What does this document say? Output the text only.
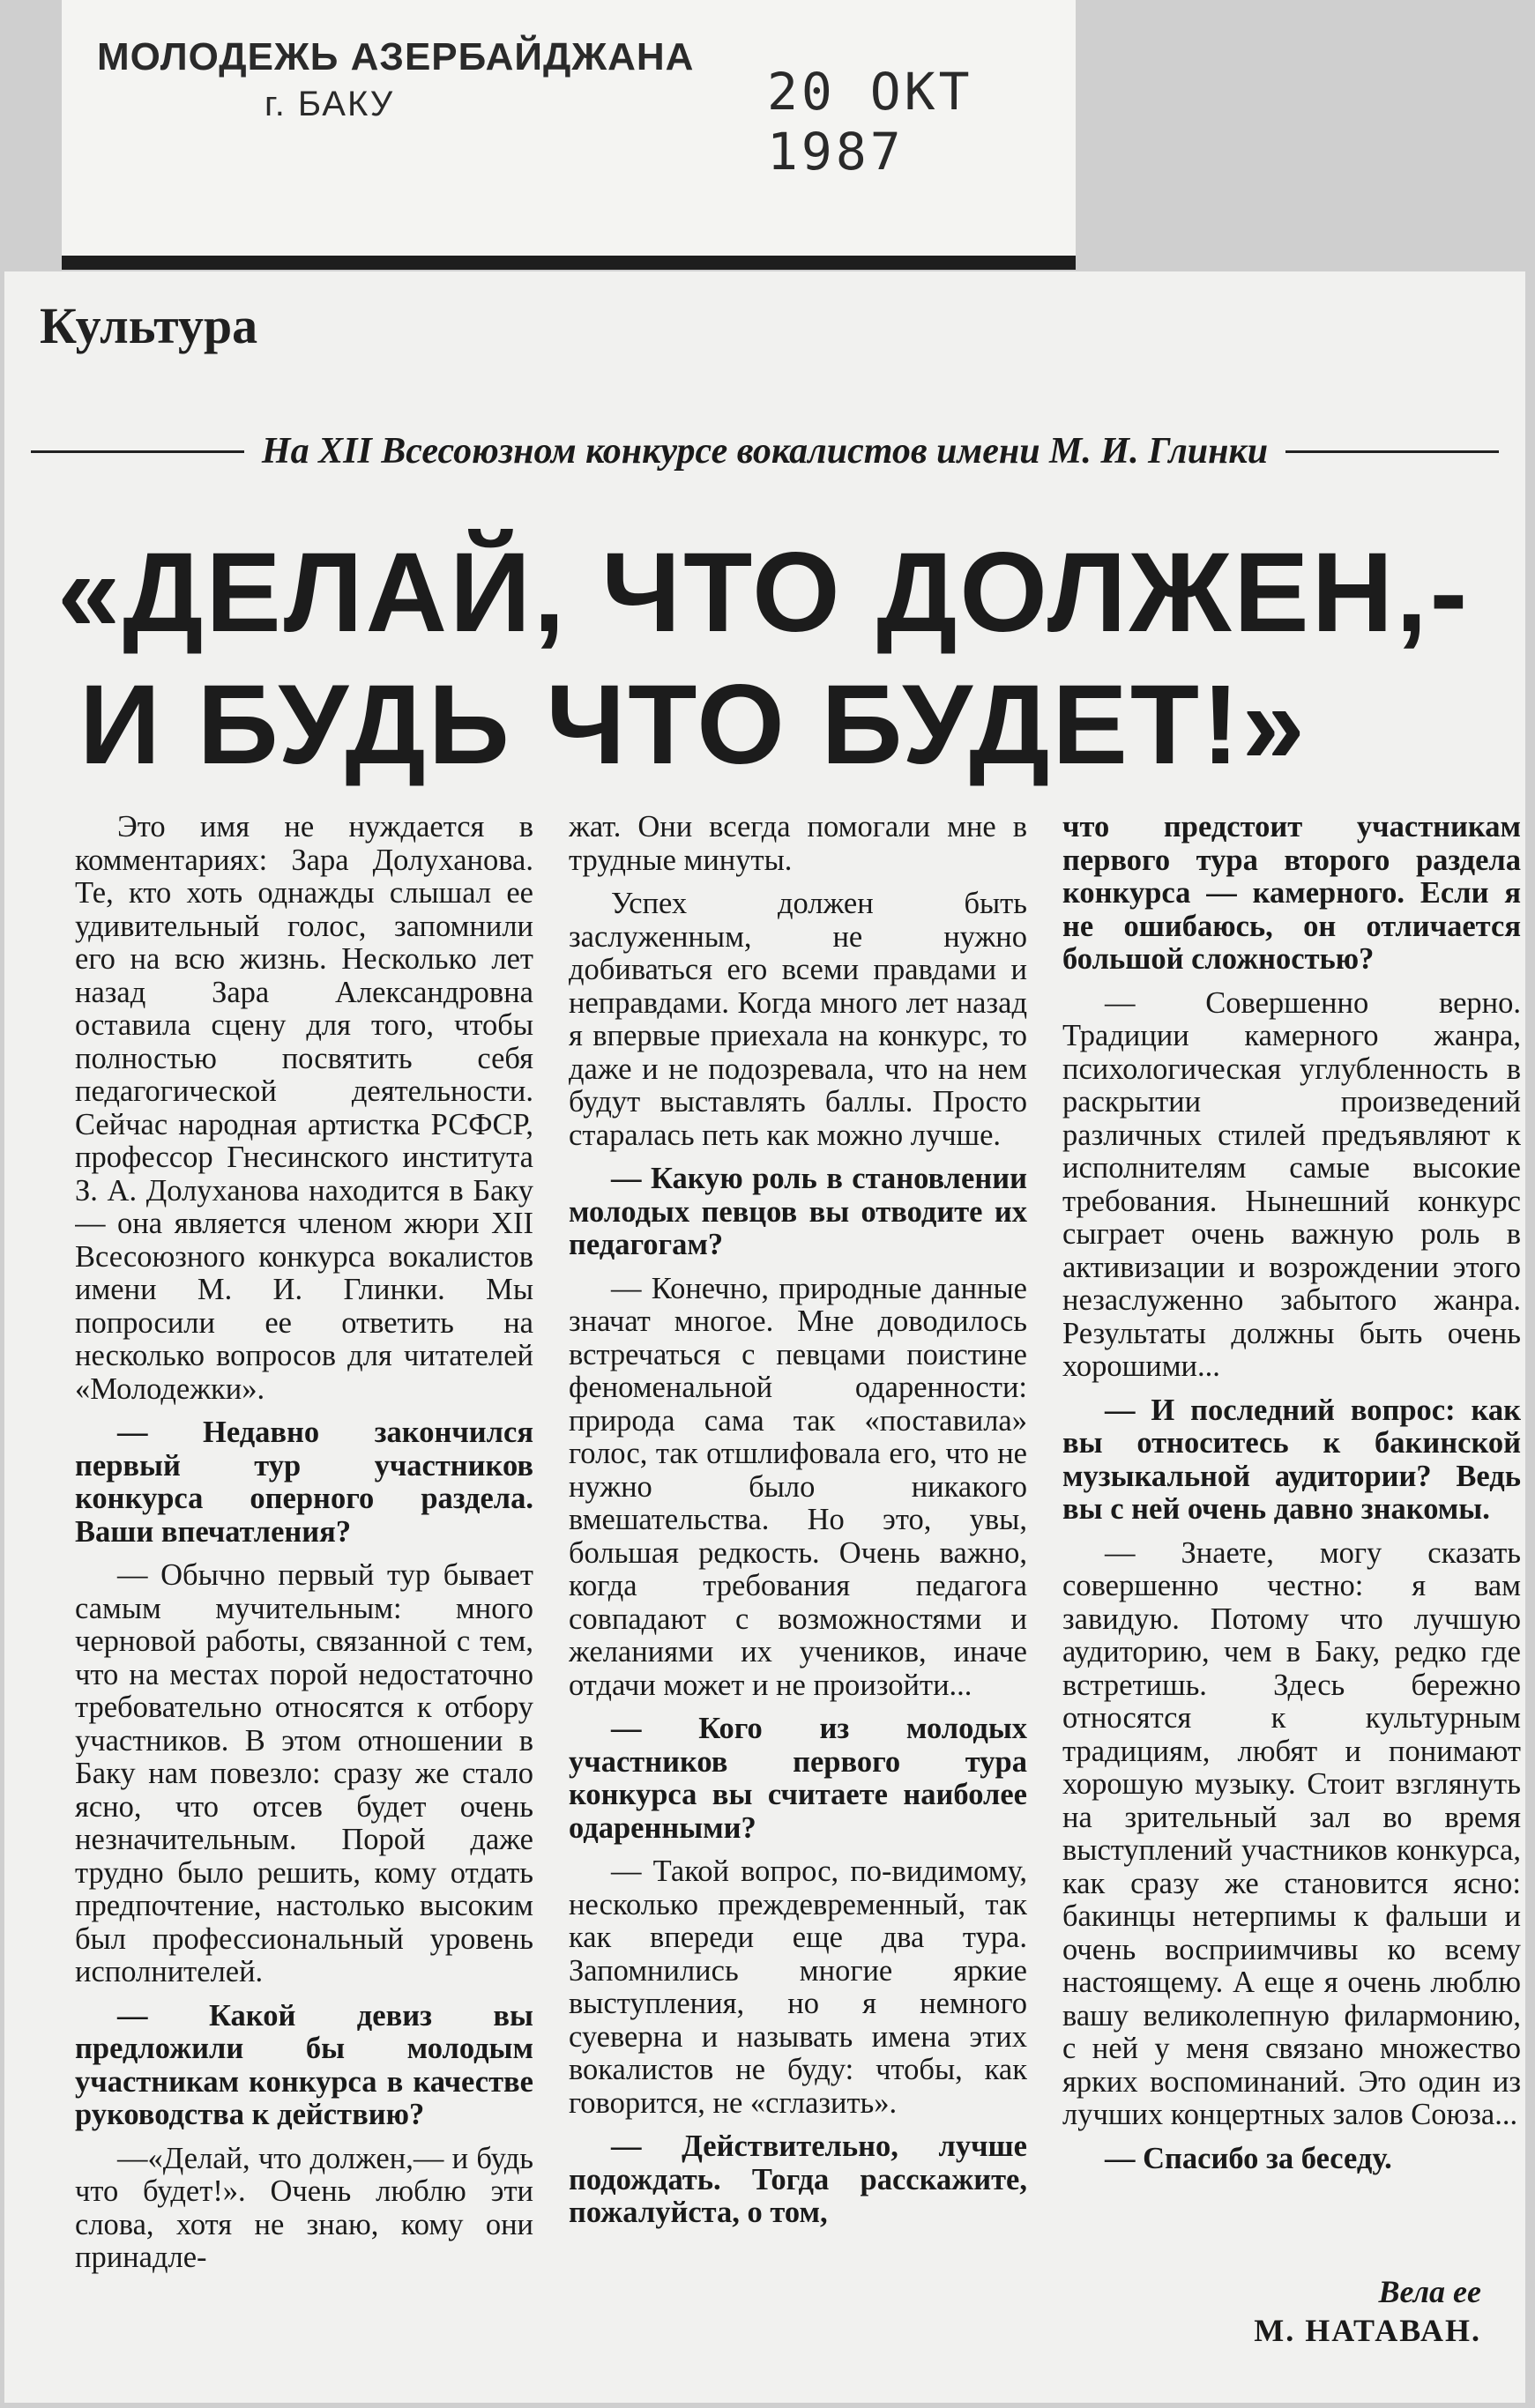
МОЛОДЕЖЬ АЗЕРБАЙДЖАНА
г. БАКУ	20 ОКТ 1987
Культура
На XII Всесоюзном конкурсе вокалистов имени М. И. Глинки
«ДЕЛАЙ, ЧТО ДОЛЖЕН,-
И БУДЬ ЧТО БУДЕТ!»

Это имя не нуждается в комментариях: Зара Долуханова. Те, кто хоть однажды слышал ее удивительный голос, запомнили его на всю жизнь. Несколько лет назад Зара Александровна оставила сцену для того, чтобы полностью посвятить себя педагогической деятельности. Сейчас народная артистка РСФСР, профессор Гнесинского института З. А. Долуханова находится в Баку — она является членом жюри XII Всесоюзного конкурса вокалистов имени М. И. Глинки. Мы попросили ее ответить на несколько вопросов для читателей «Молодежки».

— Недавно закончился первый тур участников конкурса оперного раздела. Ваши впечатления?

— Обычно первый тур бывает самым мучительным: много черновой работы, связанной с тем, что на местах порой недостаточно требовательно относятся к отбору участников. В этом отношении в Баку нам повезло: сразу же стало ясно, что отсев будет очень незначительным. Порой даже трудно было решить, кому отдать предпочтение, настолько высоким был профессиональный уровень исполнителей.

— Какой девиз вы предложили бы молодым участникам конкурса в качестве руководства к действию?

—«Делай, что должен,— и будь что будет!». Очень люблю эти слова, хотя не знаю, кому они принадле-

жат. Они всегда помогали мне в трудные минуты.

Успех должен быть заслуженным, не нужно добиваться его всеми правдами и неправдами. Когда много лет назад я впервые приехала на конкурс, то даже и не подозревала, что на нем будут выставлять баллы. Просто старалась петь как можно лучше.

— Какую роль в становлении молодых певцов вы отводите их педагогам?

— Конечно, природные данные значат многое. Мне доводилось встречаться с певцами поистине феноменальной одаренности: природа сама так «поставила» голос, так отшлифовала его, что не нужно было никакого вмешательства. Но это, увы, большая редкость. Очень важно, когда требования педагога совпадают с возможностями и желаниями их учеников, иначе отдачи может и не произойти...

— Кого из молодых участников первого тура конкурса вы считаете наиболее одаренными?

— Такой вопрос, по-видимому, несколько преждевременный, так как впереди еще два тура. Запомнились многие яркие выступления, но я немного суеверна и называть имена этих вокалистов не буду: чтобы, как говорится, не «сглазить».

— Действительно, лучше подождать. Тогда расскажите, пожалуйста, о том,

что предстоит участникам первого тура второго раздела конкурса — камерного. Если я не ошибаюсь, он отличается большой сложностью?

— Совершенно верно. Традиции камерного жанра, психологическая углубленность в раскрытии произведений различных стилей предъявляют к исполнителям самые высокие требования. Нынешний конкурс сыграет очень важную роль в активизации и возрождении этого незаслуженно забытого жанра. Результаты должны быть очень хорошими...

— И последний вопрос: как вы относитесь к бакинской музыкальной аудитории? Ведь вы с ней очень давно знакомы.

— Знаете, могу сказать совершенно честно: я вам завидую. Потому что лучшую аудиторию, чем в Баку, редко где встретишь. Здесь бережно относятся к культурным традициям, любят и понимают хорошую музыку. Стоит взглянуть на зрительный зал во время выступлений участников конкурса, как сразу же становится ясно: бакинцы нетерпимы к фальши и очень восприимчивы ко всему настоящему. А еще я очень люблю вашу великолепную филармонию, с ней у меня связано множество ярких воспоминаний. Это один из лучших концертных залов Союза...

— Спасибо за беседу.

Вела ее
М. НАТАВАН.
